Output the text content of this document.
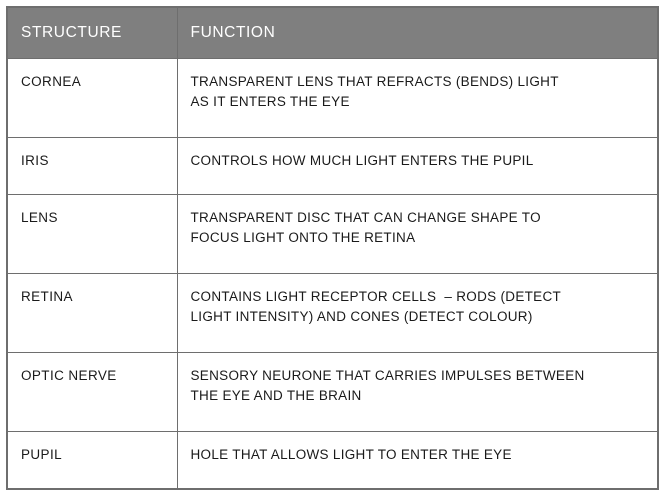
STRUCTURE	FUNCTION
CORNEA	TRANSPARENT LENS THAT REFRACTS (BENDS) LIGHT
AS IT ENTERS THE EYE

IRIS	CONTROLS HOW MUCH LIGHT ENTERS THE PUPIL

LENS	TRANSPARENT DISC THAT CAN CHANGE SHAPE TO
FOCUS LIGHT ONTO THE RETINA

RETINA	CONTAINS LIGHT RECEPTOR CELLS  – RODS (DETECT
LIGHT INTENSITY) AND CONES (DETECT COLOUR)

OPTIC NERVE	SENSORY NEURONE THAT CARRIES IMPULSES BETWEEN
THE EYE AND THE BRAIN

PUPIL	HOLE THAT ALLOWS LIGHT TO ENTER THE EYE
